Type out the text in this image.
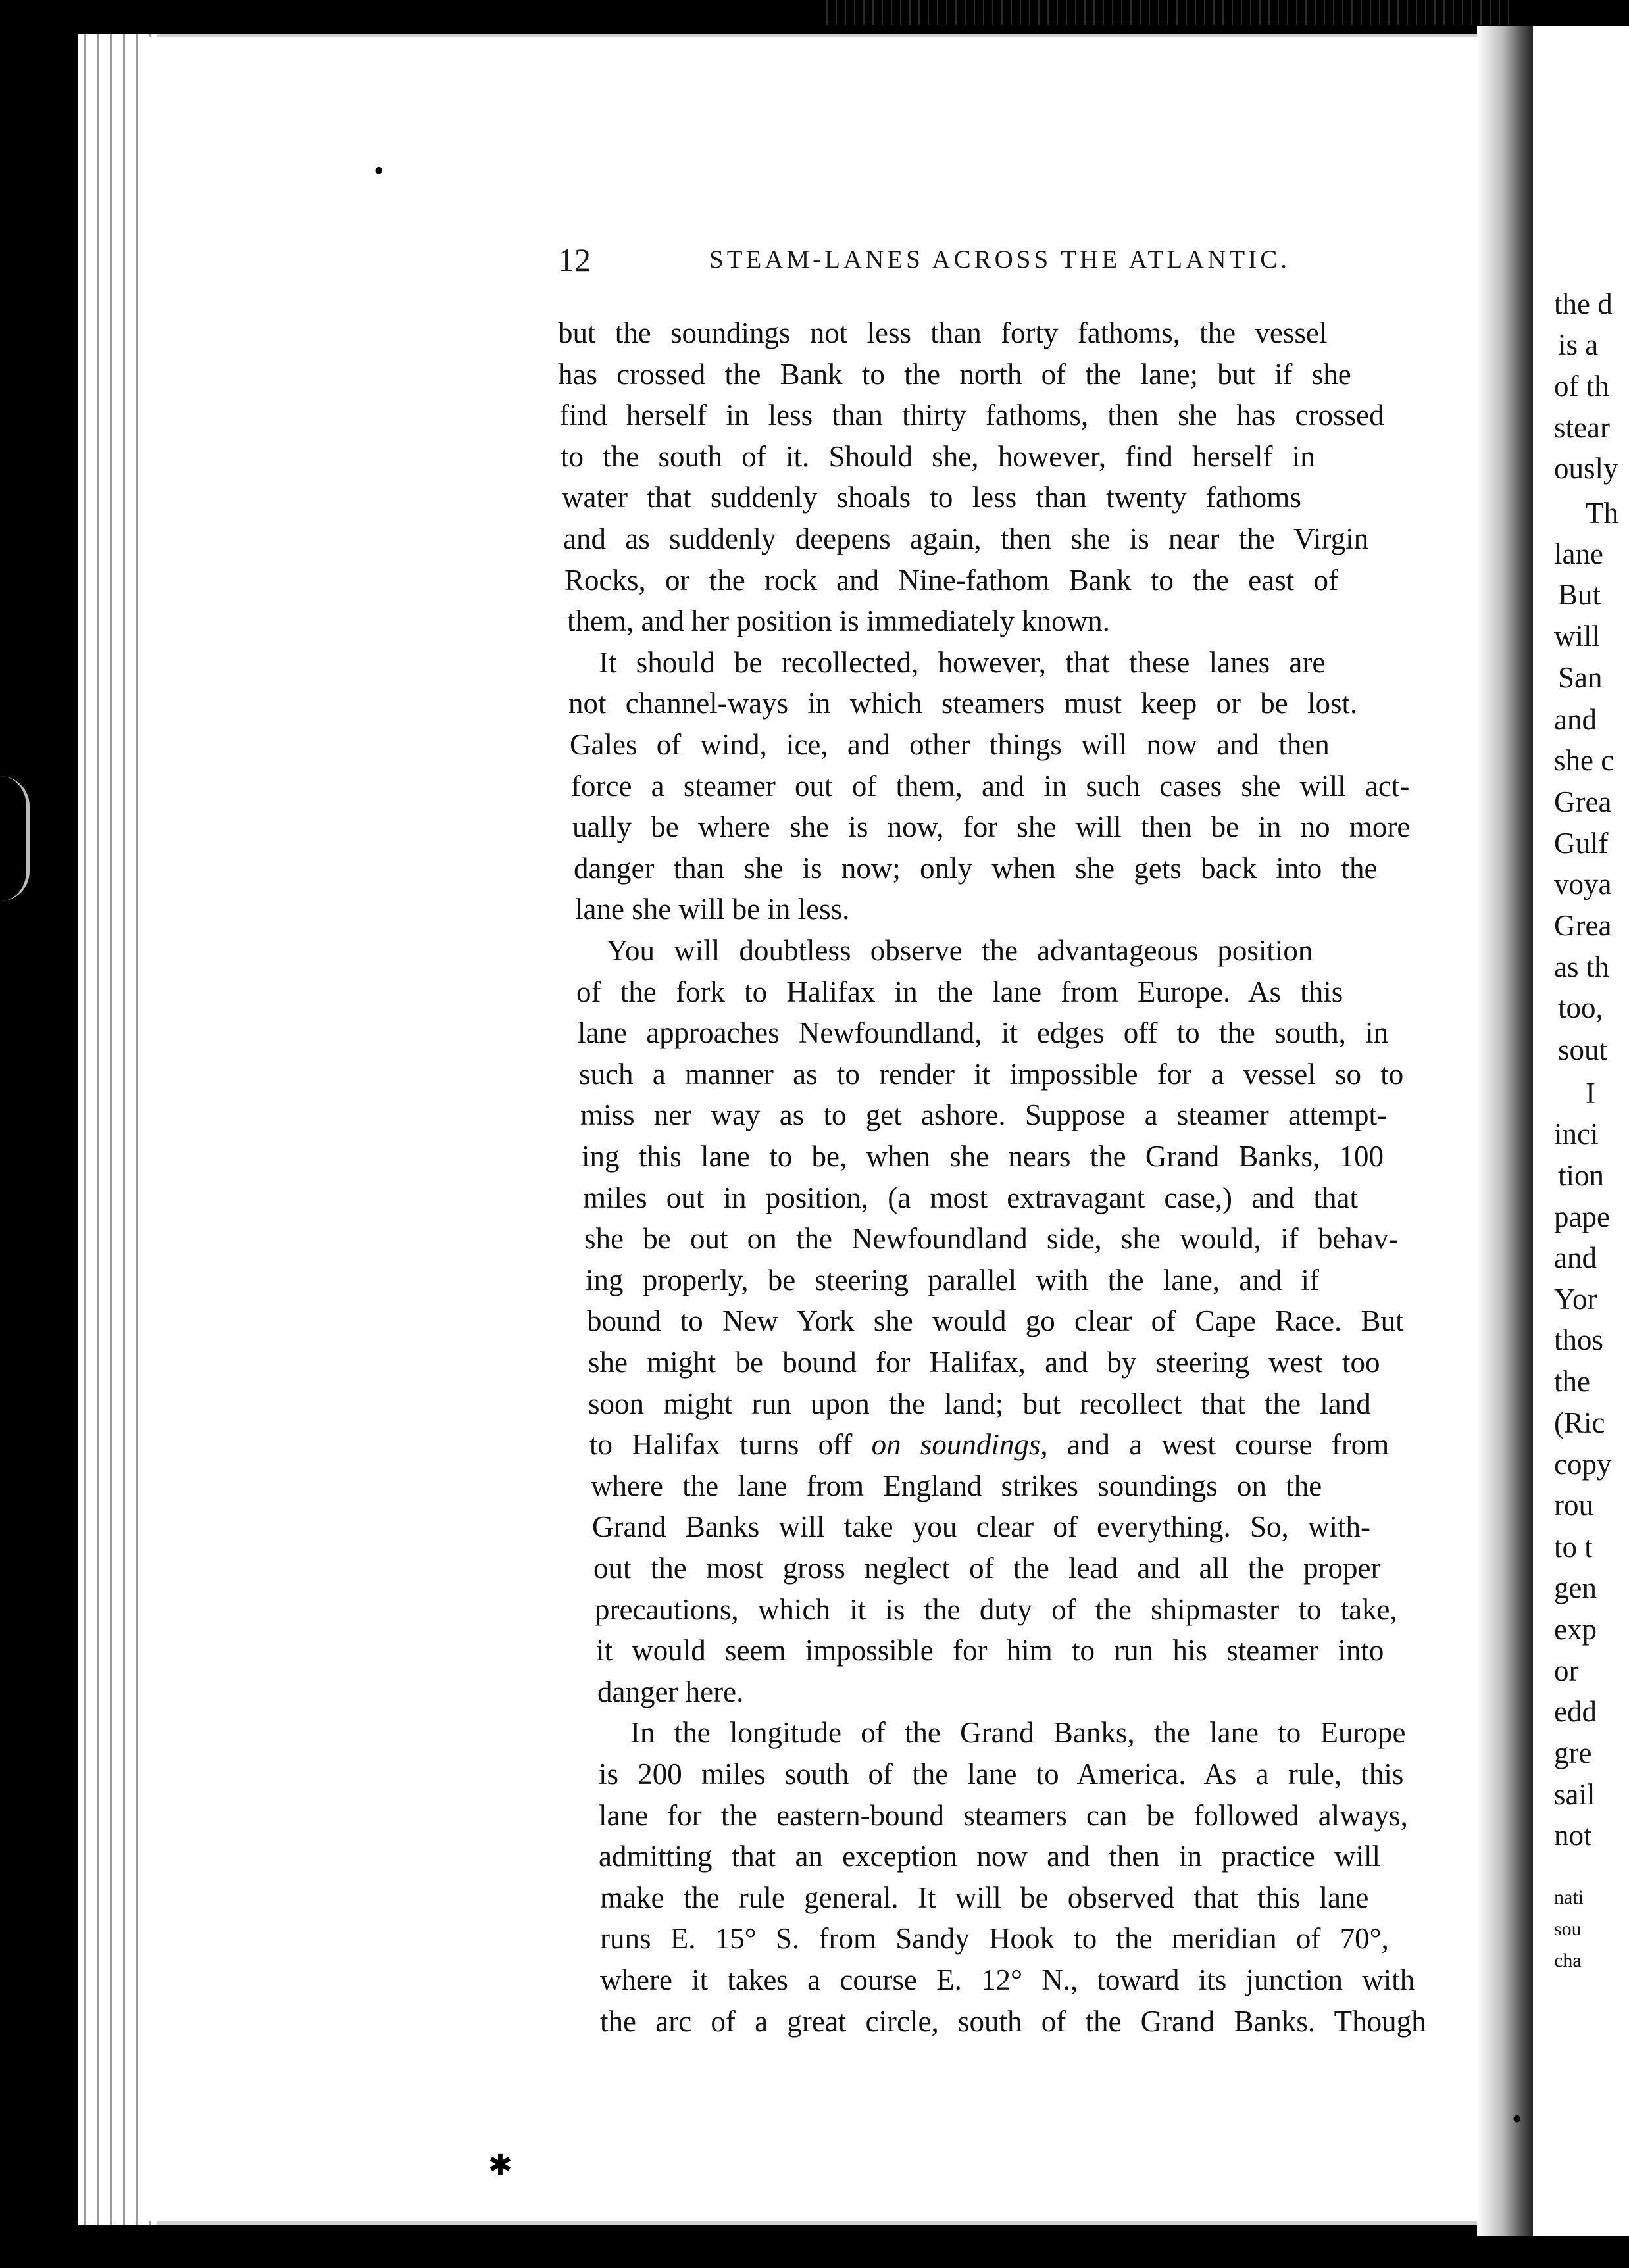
✱
the d
is a
of th
stear
ously
Th
lane
But
will
San
and
she c
Grea
Gulf
voya
Grea
as th
too,
sout
I
inci
tion
pape
and
Yor
thos
the
(Ric
copy
rou
to t
gen
exp
or
edd
gre
sail
not
nati
sou
cha
•
•
✱
12	STEAM-LANES ACROSS THE ATLANTIC.
but the soundings not less than forty fathoms, the vessel
has crossed the Bank to the north of the lane; but if she
find herself in less than thirty fathoms, then she has crossed
to the south of it. Should she, however, find herself in
water that suddenly shoals to less than twenty fathoms
and as suddenly deepens again, then she is near the Virgin
Rocks, or the rock and Nine-fathom Bank to the east of
them, and her position is immediately known.
It should be recollected, however, that these lanes are
not channel-ways in which steamers must keep or be lost.
Gales of wind, ice, and other things will now and then
force a steamer out of them, and in such cases she will act-
ually be where she is now, for she will then be in no more
danger than she is now; only when she gets back into the
lane she will be in less.
You will doubtless observe the advantageous position
of the fork to Halifax in the lane from Europe. As this
lane approaches Newfoundland, it edges off to the south, in
such a manner as to render it impossible for a vessel so to
miss ner way as to get ashore. Suppose a steamer attempt-
ing this lane to be, when she nears the Grand Banks, 100
miles out in position, (a most extravagant case,) and that
she be out on the Newfoundland side, she would, if behav-
ing properly, be steering parallel with the lane, and if
bound to New York she would go clear of Cape Race. But
she might be bound for Halifax, and by steering west too
soon might run upon the land; but recollect that the land
to Halifax turns off on soundings, and a west course from
where the lane from England strikes soundings on the
Grand Banks will take you clear of everything. So, with-
out the most gross neglect of the lead and all the proper
precautions, which it is the duty of the shipmaster to take,
it would seem impossible for him to run his steamer into
danger here.
In the longitude of the Grand Banks, the lane to Europe
is 200 miles south of the lane to America. As a rule, this
lane for the eastern-bound steamers can be followed always,
admitting that an exception now and then in practice will
make the rule general. It will be observed that this lane
runs E. 15° S. from Sandy Hook to the meridian of 70°,
where it takes a course E. 12° N., toward its junction with
the arc of a great circle, south of the Grand Banks. Though
